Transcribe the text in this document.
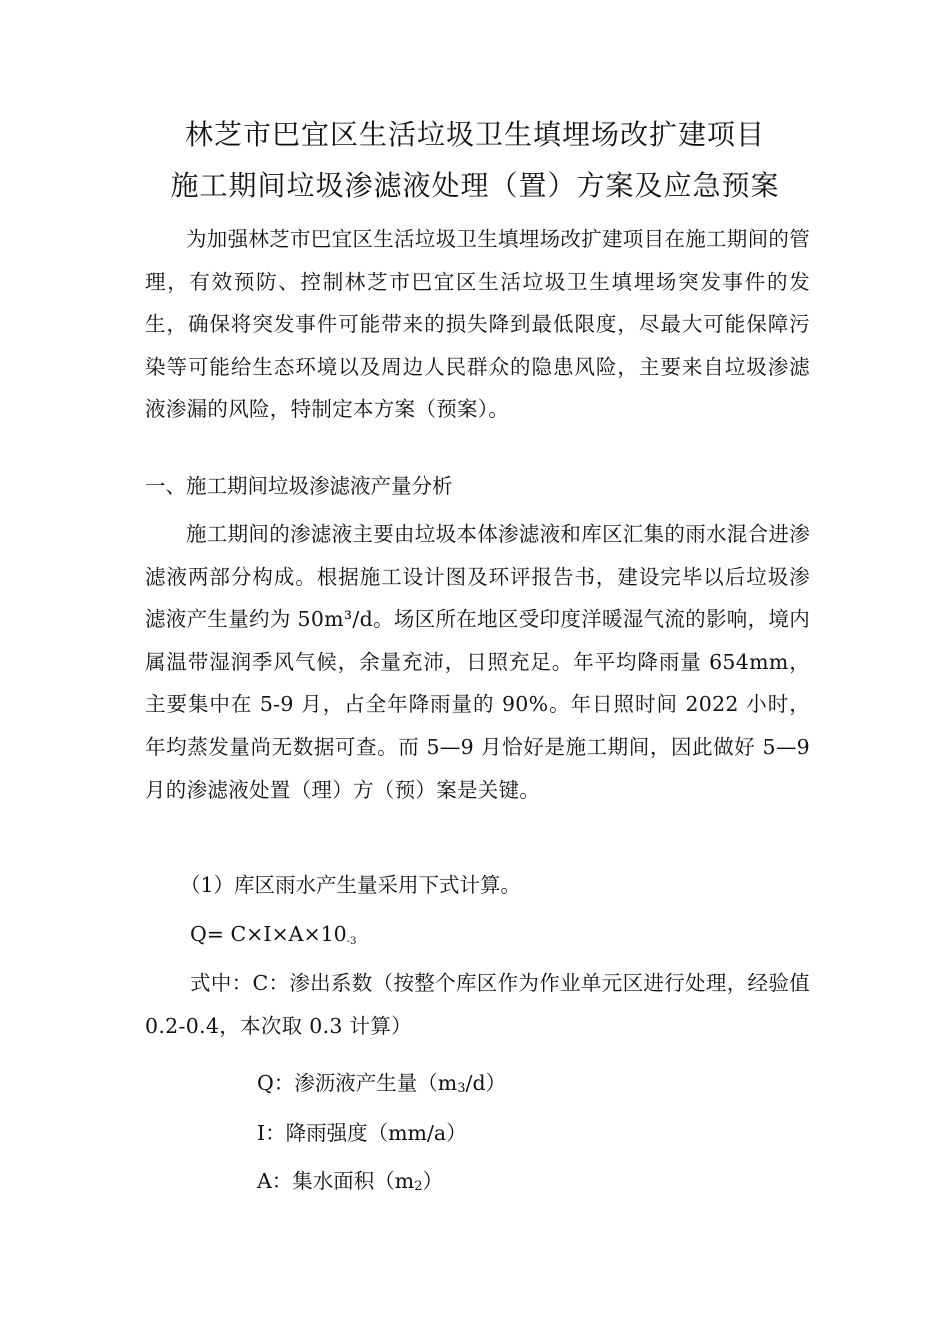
林芝市巴宜区生活垃圾卫生填埋场改扩建项目
施工期间垃圾渗滤液处理（置）方案及应急预案

为加强林芝市巴宜区生活垃圾卫生填埋场改扩建项目在施工期间的管理，有效预防、控制林芝市巴宜区生活垃圾卫生填埋场突发事件的发生，确保将突发事件可能带来的损失降到最低限度，尽最大可能保障污染等可能给生态环境以及周边人民群众的隐患风险，主要来自垃圾渗滤液渗漏的风险，特制定本方案（预案）。

一、施工期间垃圾渗滤液产量分析

施工期间的渗滤液主要由垃圾本体渗滤液和库区汇集的雨水混合进渗滤液两部分构成。根据施工设计图及环评报告书，建设完毕以后垃圾渗滤液产生量约为 50m³/d。场区所在地区受印度洋暖湿气流的影响，境内属温带湿润季风气候，余量充沛，日照充足。年平均降雨量 654mm，主要集中在 5-9 月，占全年降雨量的 90%。年日照时间 2022 小时，年均蒸发量尚无数据可查。而 5—9 月恰好是施工期间，因此做好 5—9 月的渗滤液处置（理）方（预）案是关键。

（1）库区雨水产生量采用下式计算。
$Q= C\times I\times A\times 10_{-3}$

式中：C：渗出系数（按整个库区作为作业单元区进行处理，经验值 0.2-0.4，本次取 0.3 计算）

Q：渗沥液产生量（m3/d）
I：降雨强度（mm/a）
A：集水面积（m2）
